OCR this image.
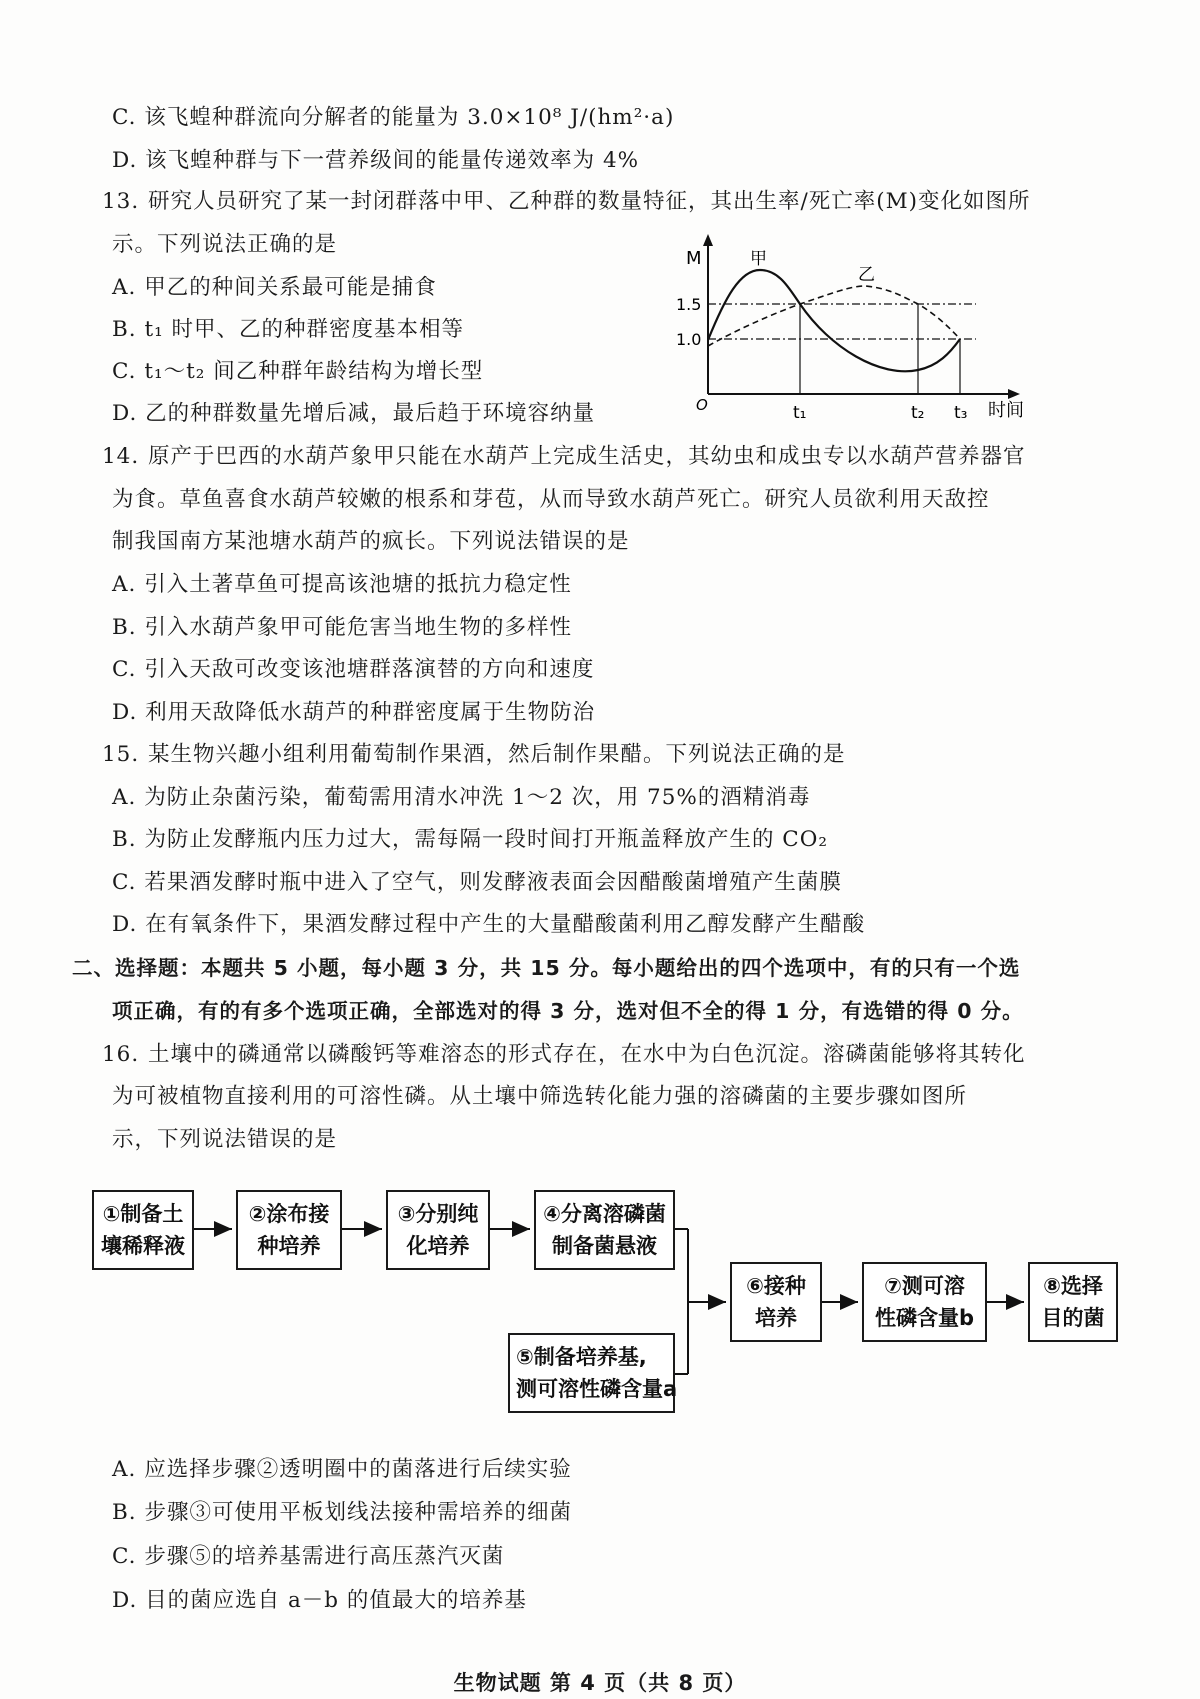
C. 该飞蝗种群流向分解者的能量为 3.0×10⁸ J/(hm²·a)
D. 该飞蝗种群与下一营养级间的能量传递效率为 4%
13. 研究人员研究了某一封闭群落中甲、乙种群的数量特征，其出生率/死亡率(M)变化如图所
示。下列说法正确的是
A. 甲乙的种间关系最可能是捕食
B. t₁ 时甲、乙的种群密度基本相等
C. t₁～t₂ 间乙种群年龄结构为增长型
D. 乙的种群数量先增后减，最后趋于环境容纳量
M
O	时间
1.5
1.0
t₁	t₂ t₃
甲
乙
14. 原产于巴西的水葫芦象甲只能在水葫芦上完成生活史，其幼虫和成虫专以水葫芦营养器官
为食。草鱼喜食水葫芦较嫩的根系和芽苞，从而导致水葫芦死亡。研究人员欲利用天敌控
制我国南方某池塘水葫芦的疯长。下列说法错误的是
A. 引入土著草鱼可提高该池塘的抵抗力稳定性
B. 引入水葫芦象甲可能危害当地生物的多样性
C. 引入天敌可改变该池塘群落演替的方向和速度
D. 利用天敌降低水葫芦的种群密度属于生物防治
15. 某生物兴趣小组利用葡萄制作果酒，然后制作果醋。下列说法正确的是
A. 为防止杂菌污染，葡萄需用清水冲洗 1～2 次，用 75%的酒精消毒
B. 为防止发酵瓶内压力过大，需每隔一段时间打开瓶盖释放产生的 CO₂
C. 若果酒发酵时瓶中进入了空气，则发酵液表面会因醋酸菌增殖产生菌膜
D. 在有氧条件下，果酒发酵过程中产生的大量醋酸菌利用乙醇发酵产生醋酸
二、选择题：本题共 5 小题，每小题 3 分，共 15 分。每小题给出的四个选项中，有的只有一个选
项正确，有的有多个选项正确，全部选对的得 3 分，选对但不全的得 1 分，有选错的得 0 分。
16. 土壤中的磷通常以磷酸钙等难溶态的形式存在，在水中为白色沉淀。溶磷菌能够将其转化
为可被植物直接利用的可溶性磷。从土壤中筛选转化能力强的溶磷菌的主要步骤如图所
示，下列说法错误的是
①制备土
壤稀释液
②涂布接
种培养
③分别纯
化培养
④分离溶磷菌
制备菌悬液
⑤制备培养基,
测可溶性磷含量a
⑥接种
培养
⑦测可溶
性磷含量b
⑧选择
目的菌
A. 应选择步骤②透明圈中的菌落进行后续实验
B. 步骤③可使用平板划线法接种需培养的细菌
C. 步骤⑤的培养基需进行高压蒸汽灭菌
D. 目的菌应选自 a－b 的值最大的培养基
生物试题 第 4 页（共 8 页）
